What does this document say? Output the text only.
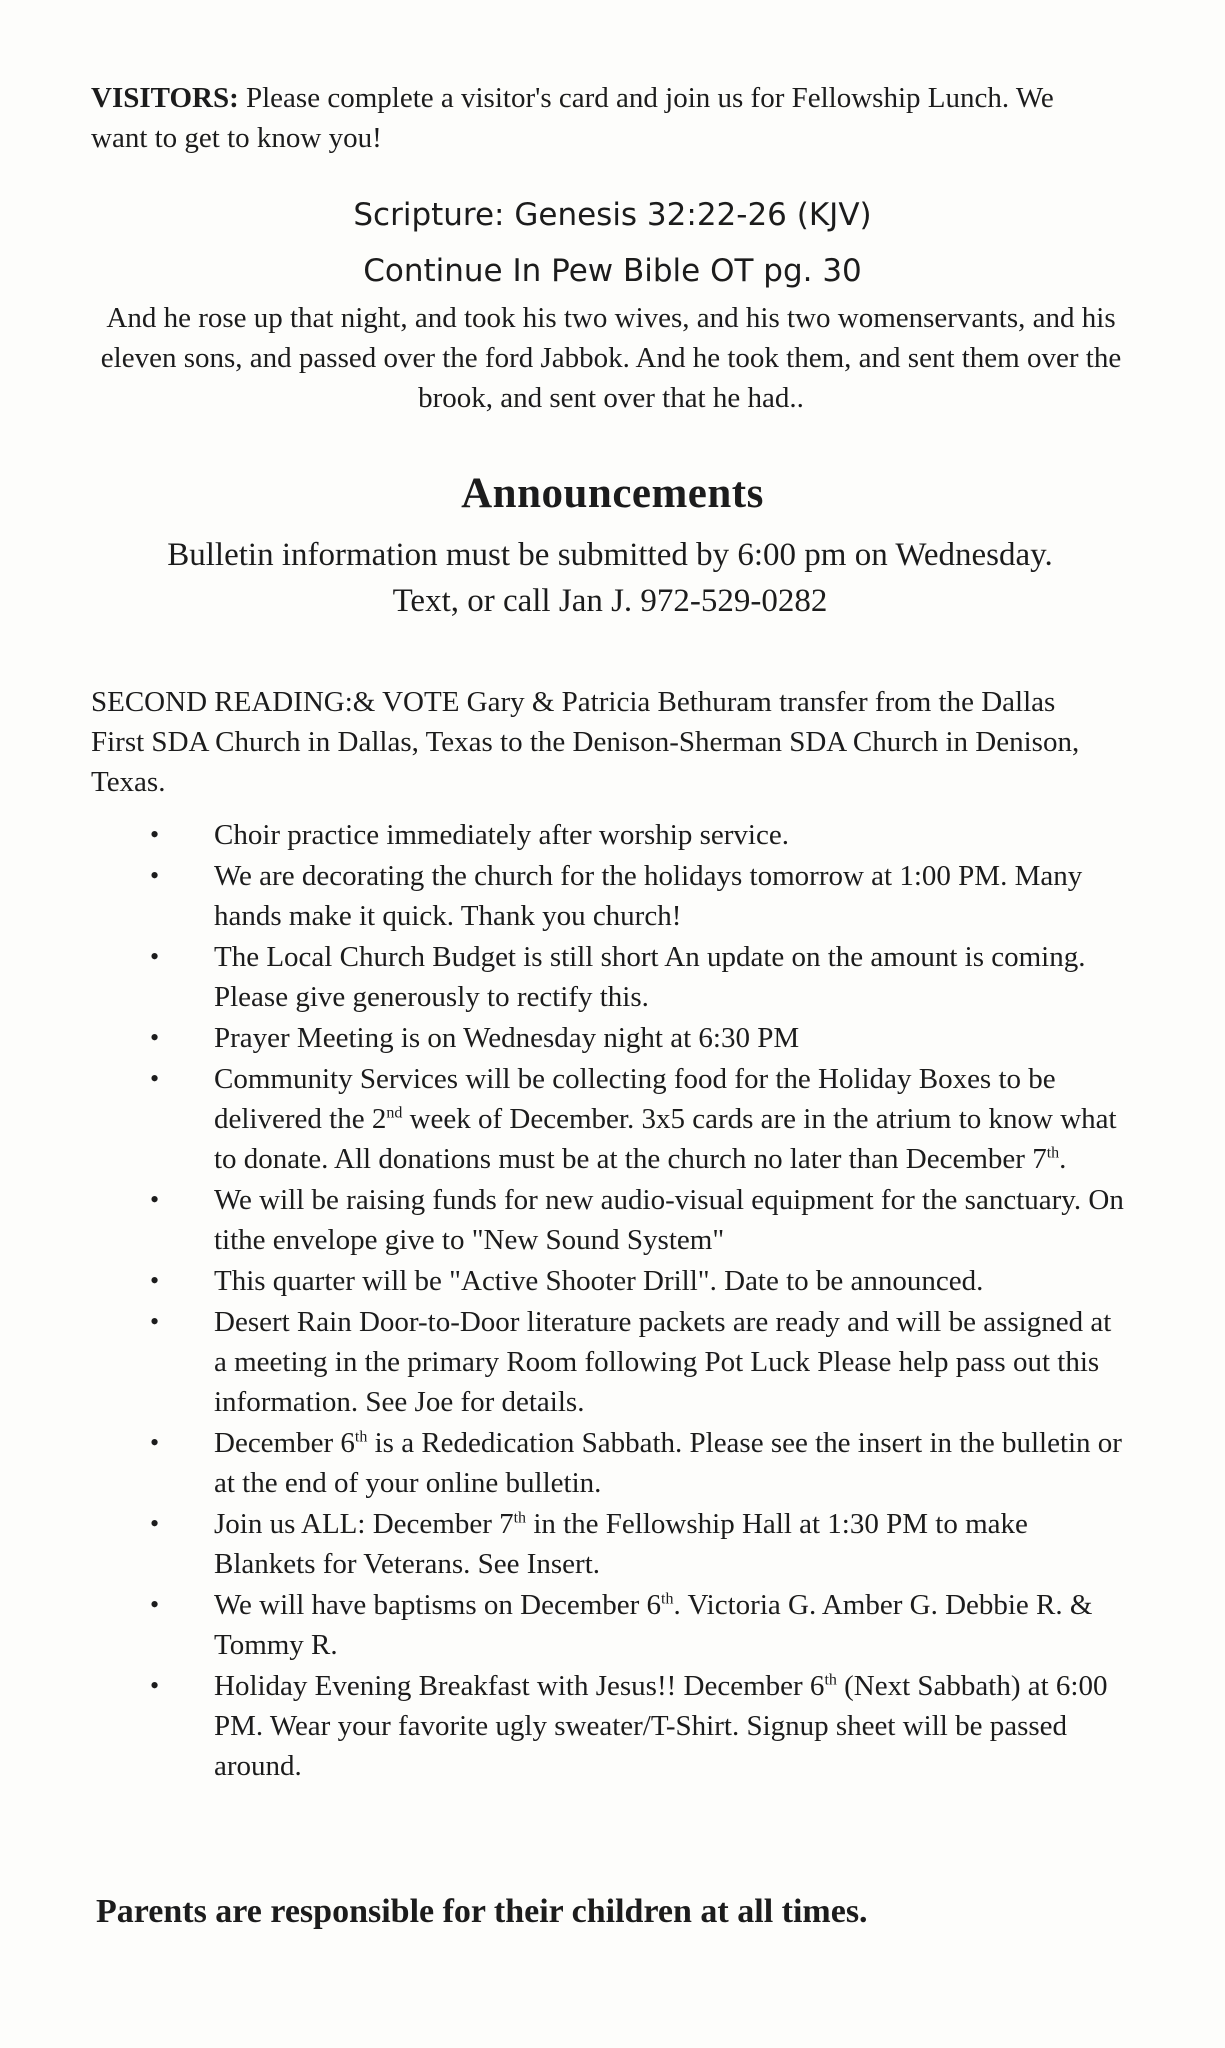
VISITORS: Please complete a visitor's card and join us for Fellowship Lunch. We want to get to know you!
Scripture: Genesis 32:22-26 (KJV)
Continue In Pew Bible OT pg. 30
And he rose up that night, and took his two wives, and his two womenservants, and his eleven sons, and passed over the ford Jabbok. And he took them, and sent them over the brook, and sent over that he had..
Announcements
Bulletin information must be submitted by 6:00 pm on Wednesday. Text, or call Jan J. 972-529-0282
SECOND READING:& VOTE Gary & Patricia Bethuram transfer from the Dallas First SDA Church in Dallas, Texas to the Denison-Sherman SDA Church in Denison, Texas.
• Choir practice immediately after worship service.
• We are decorating the church for the holidays tomorrow at 1:00 PM. Many hands make it quick. Thank you church!
• The Local Church Budget is still short An update on the amount is coming. Please give generously to rectify this.
• Prayer Meeting is on Wednesday night at 6:30 PM
• Community Services will be collecting food for the Holiday Boxes to be delivered the 2nd week of December. 3x5 cards are in the atrium to know what to donate. All donations must be at the church no later than December 7th.
• We will be raising funds for new audio-visual equipment for the sanctuary. On tithe envelope give to "New Sound System"
• This quarter will be "Active Shooter Drill". Date to be announced.
• Desert Rain Door-to-Door literature packets are ready and will be assigned at a meeting in the primary Room following Pot Luck Please help pass out this information. See Joe for details.
• December 6th is a Rededication Sabbath. Please see the insert in the bulletin or at the end of your online bulletin.
• Join us ALL: December 7th in the Fellowship Hall at 1:30 PM to make Blankets for Veterans. See Insert.
• We will have baptisms on December 6th. Victoria G. Amber G. Debbie R. & Tommy R.
• Holiday Evening Breakfast with Jesus!! December 6th (Next Sabbath) at 6:00 PM. Wear your favorite ugly sweater/T-Shirt. Signup sheet will be passed around.
Parents are responsible for their children at all times.
